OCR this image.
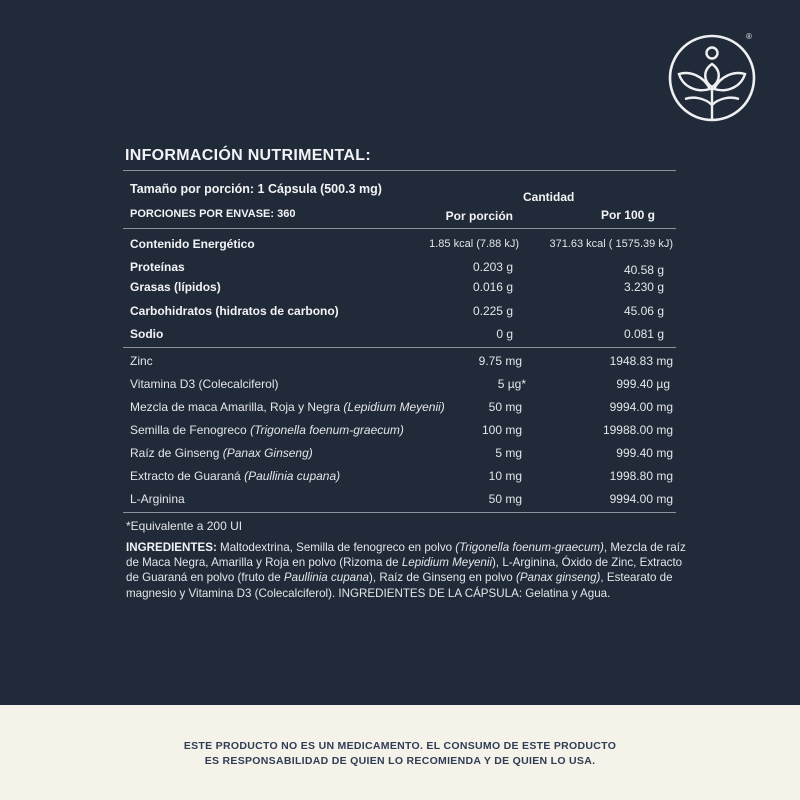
®
INFORMACIÓN NUTRIMENTAL:
Tamaño por porción: 1 Cápsula (500.3 mg)
PORCIONES POR ENVASE: 360
Cantidad
Por porción	Por 100 g
Contenido Energético	1.85 kcal (7.88 kJ)	371.63 kcal ( 1575.39 kJ)
Proteínas	0.203 g	40.58 g
Grasas (lípidos)	0.016 g	3.230 g
Carbohidratos (hidratos de carbono)	0.225 g	45.06 g
Sodio	0 g	0.081 g
Zinc	9.75 mg	1948.83 mg
Vitamina D3 (Colecalciferol)	5 µg*	999.40 µg
Mezcla de maca Amarilla, Roja y Negra (Lepidium Meyenii)	50 mg	9994.00 mg
Semilla de Fenogreco (Trigonella foenum-graecum)	100 mg	19988.00 mg
Raíz de Ginseng (Panax Ginseng)	5 mg	999.40 mg
Extracto de Guaraná (Paullinia cupana)	10 mg	1998.80 mg
L-Arginina	50 mg	9994.00 mg
*Equivalente a 200 UI
INGREDIENTES: Maltodextrina, Semilla de fenogreco en polvo (Trigonella foenum-graecum), Mezcla de raíz de Maca Negra, Amarilla y Roja en polvo (Rizoma de Lepidium Meyenii), L-Arginina, Óxido de Zinc, Extracto de Guaraná en polvo (fruto de Paullinia cupana), Raíz de Ginseng en polvo (Panax ginseng), Estearato de magnesio y Vitamina D3 (Colecalciferol). INGREDIENTES DE LA CÁPSULA: Gelatina y Agua.
ESTE PRODUCTO NO ES UN MEDICAMENTO. EL CONSUMO DE ESTE PRODUCTO
ES RESPONSABILIDAD DE QUIEN LO RECOMIENDA Y DE QUIEN LO USA.
